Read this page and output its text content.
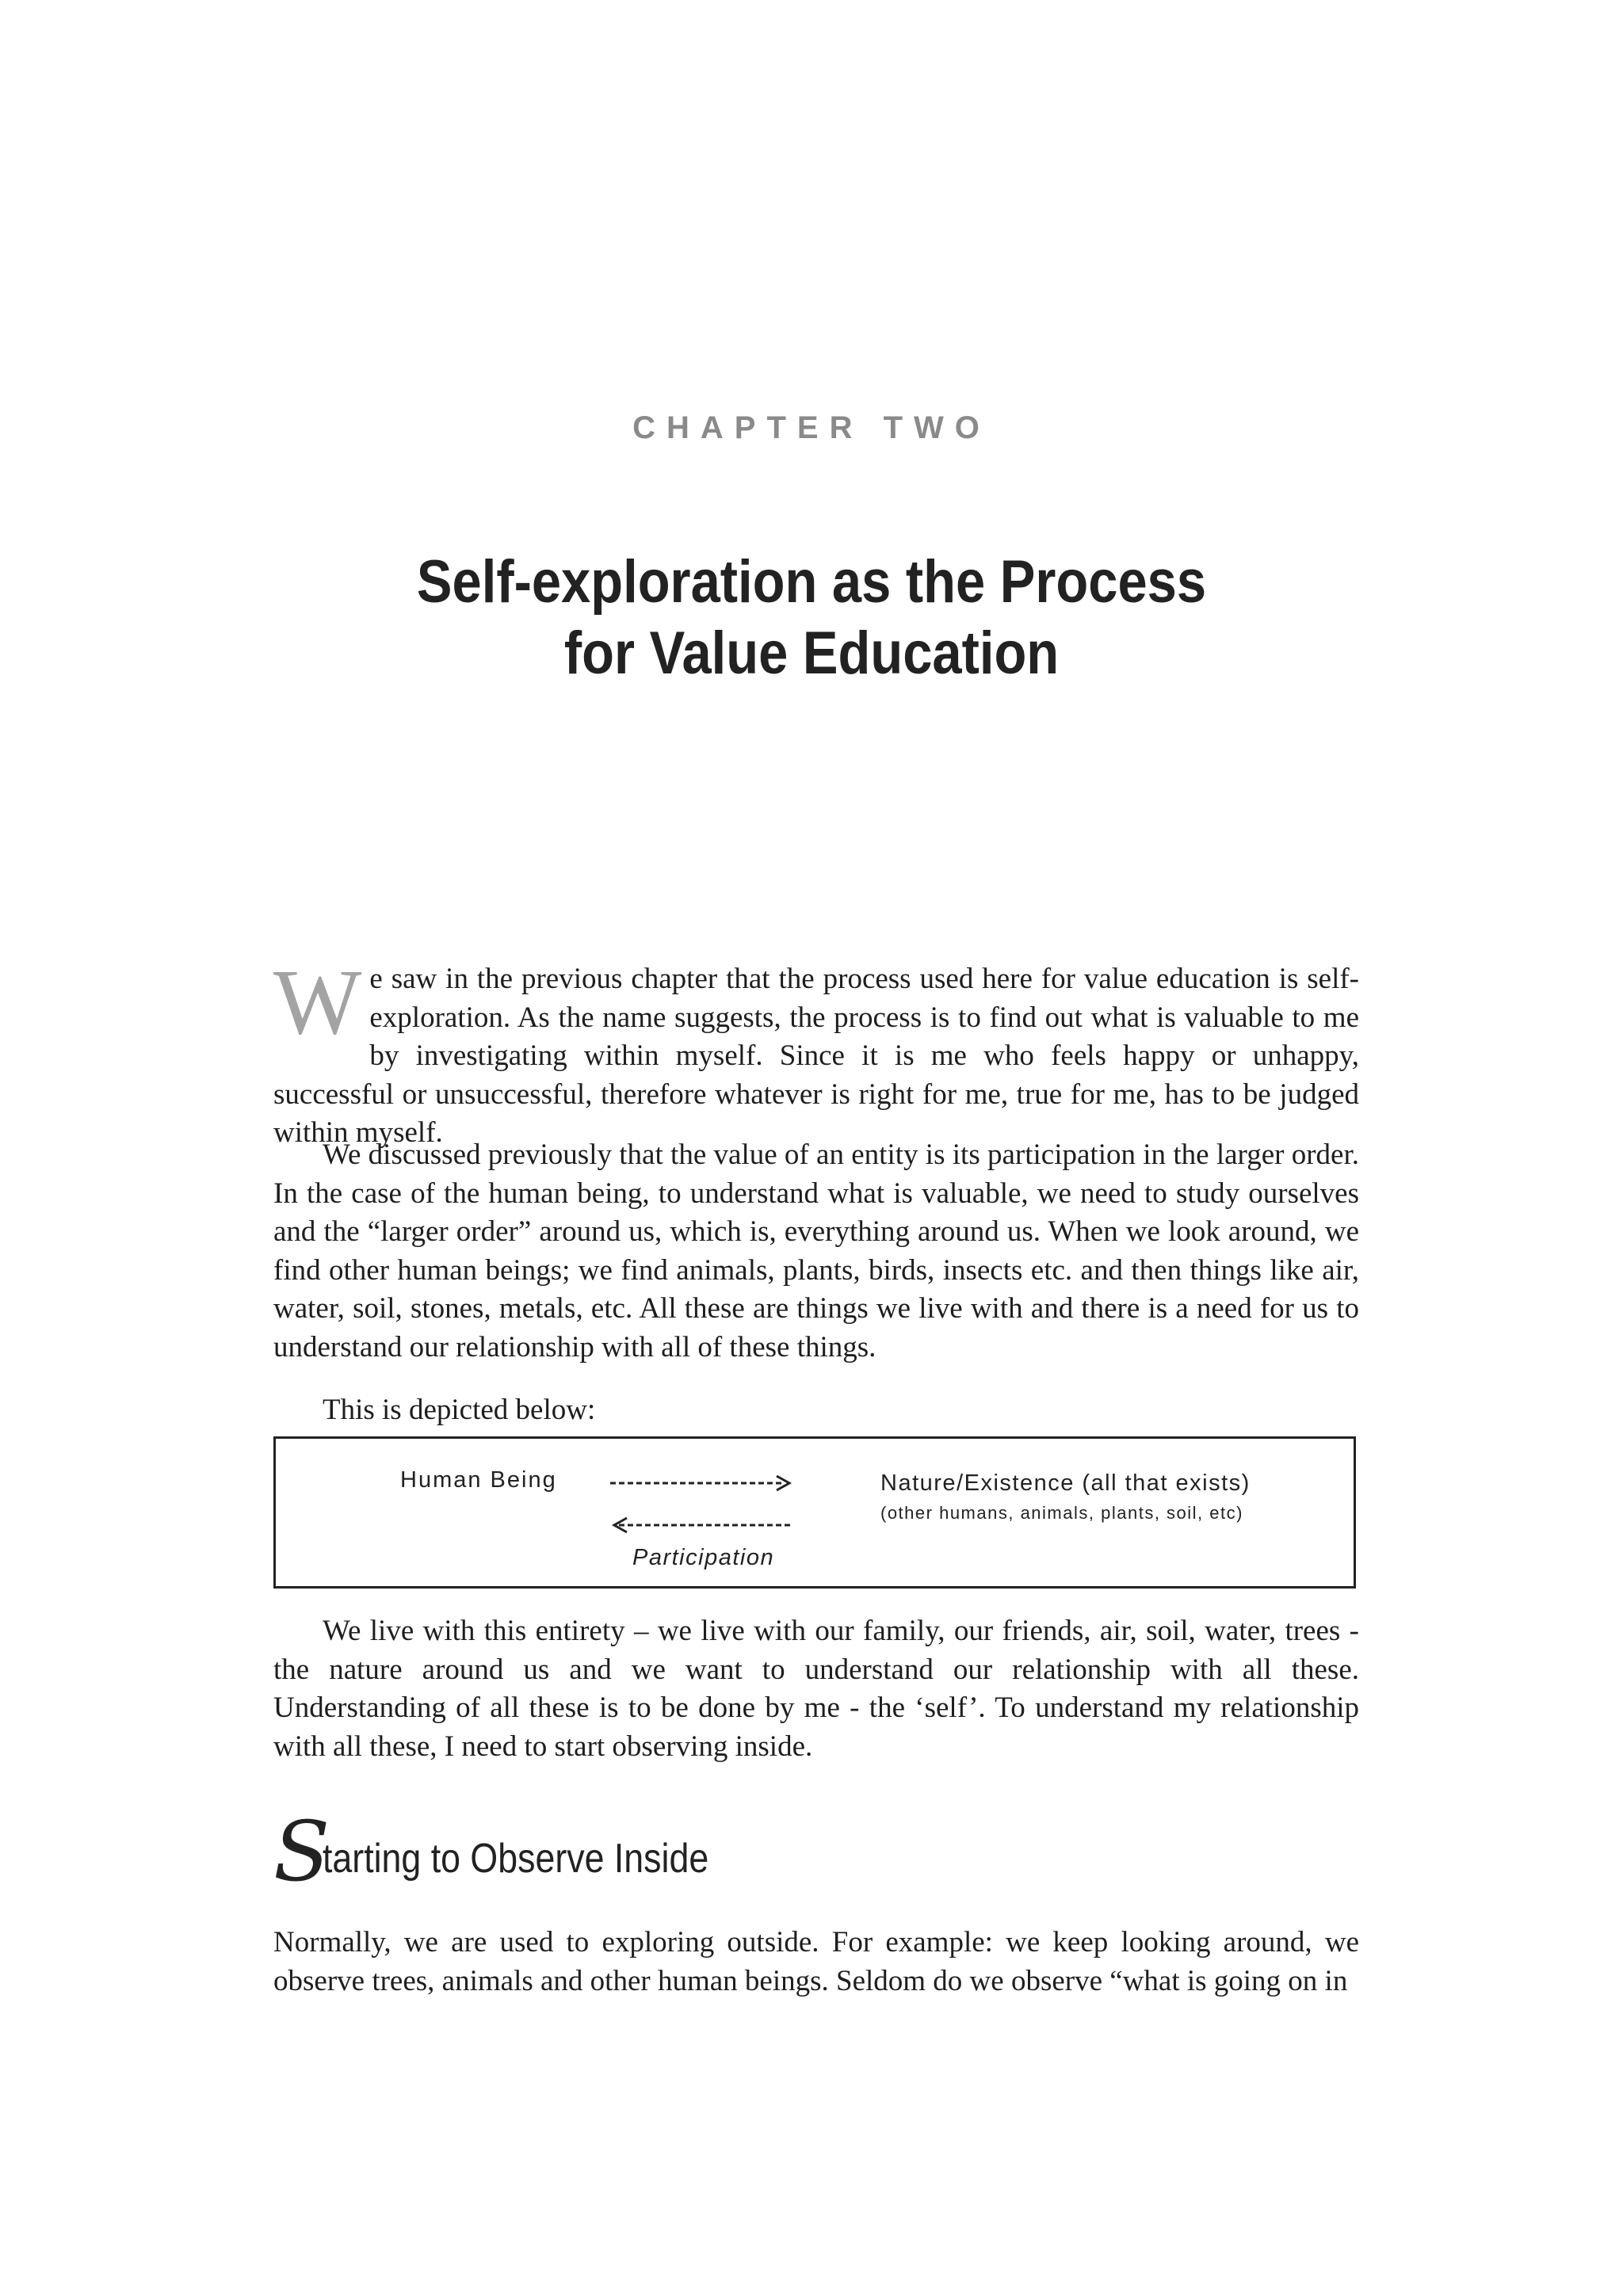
CHAPTER TWO
Self-exploration as the Process
for Value Education
W e saw in the previous chapter that the process used here for value education is self-exploration. As the name suggests, the process is to find out what is valuable to me by investigating within myself. Since it is me who feels happy or unhappy, successful or unsuccessful, therefore whatever is right for me, true for me, has to be judged within myself.
We discussed previously that the value of an entity is its participation in the larger order. In the case of the human being, to understand what is valuable, we need to study ourselves and the “larger order” around us, which is, everything around us. When we look around, we find other human beings; we find animals, plants, birds, insects etc. and then things like air, water, soil, stones, metals, etc. All these are things we live with and there is a need for us to understand our relationship with all of these things.
This is depicted below:
Human Being	Nature/Existence (all that exists)
(other humans, animals, plants, soil, etc)
Participation
We live with this entirety – we live with our family, our friends, air, soil, water, trees - the nature around us and we want to understand our relationship with all these. Understanding of all these is to be done by me - the ‘self’. To understand my relationship with all these, I need to start observing inside.
S
tarting to Observe Inside
Normally, we are used to exploring outside. For example: we keep looking around, we observe trees, animals and other human beings. Seldom do we observe “what is going on in
